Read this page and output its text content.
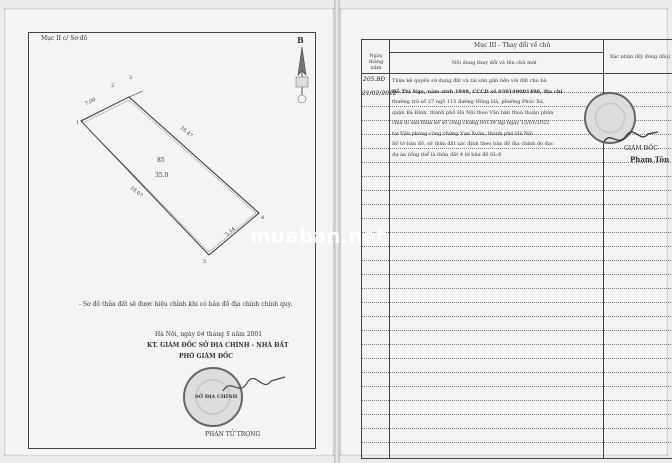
Mục II c/ Sơ đồ	B
1
2
3
4
5
7.00
16.47
16.07
5.14
85
35.0
- Sơ đồ thửa đất sẽ được hiệu chỉnh khi có bản đồ địa chính chính quy.
Hà Nội, ngày 04 tháng 5 năm 2001
KT. GIÁM ĐỐC SỞ ĐỊA CHÍNH - NHÀ ĐẤT
PHÓ GIÁM ĐỐC
SỞ ĐỊA CHÍNH
PHAN TỬ TRỌNG
Mục III - Thay đổi về chủ
Ngày tháng năm
Nội dung thay đổi và tên chủ mới
Xác nhận (Ký đóng dấu)
205.BĐ
21/02/2022
Thừa kế quyền sử dụng đất và tài sản gắn liền với đất cho bà
Đỗ Thị Ngọ, năm sinh 1949, CCCD số 030149001496, địa chỉ
thường trú số 27 ngõ 115 đường Hồng Hà, phường Phúc Xá,
quận Ba Đình, thành phố Hà Nội theo Văn bản thoả thuận phân
chia di sản thừa kế số công chứng 00139 lập ngày 12/01/2022
tại Văn phòng công chứng Vạn Xuân, thành phố Hà Nội
Số tờ bản đồ, số thửa đất xác định theo bản đồ địa chính đo đạc
dự án tổng thể là thửa đất 4 tờ bản đồ 8L-6
GIÁM ĐỐC
Phạm Tôn
muaban.net
